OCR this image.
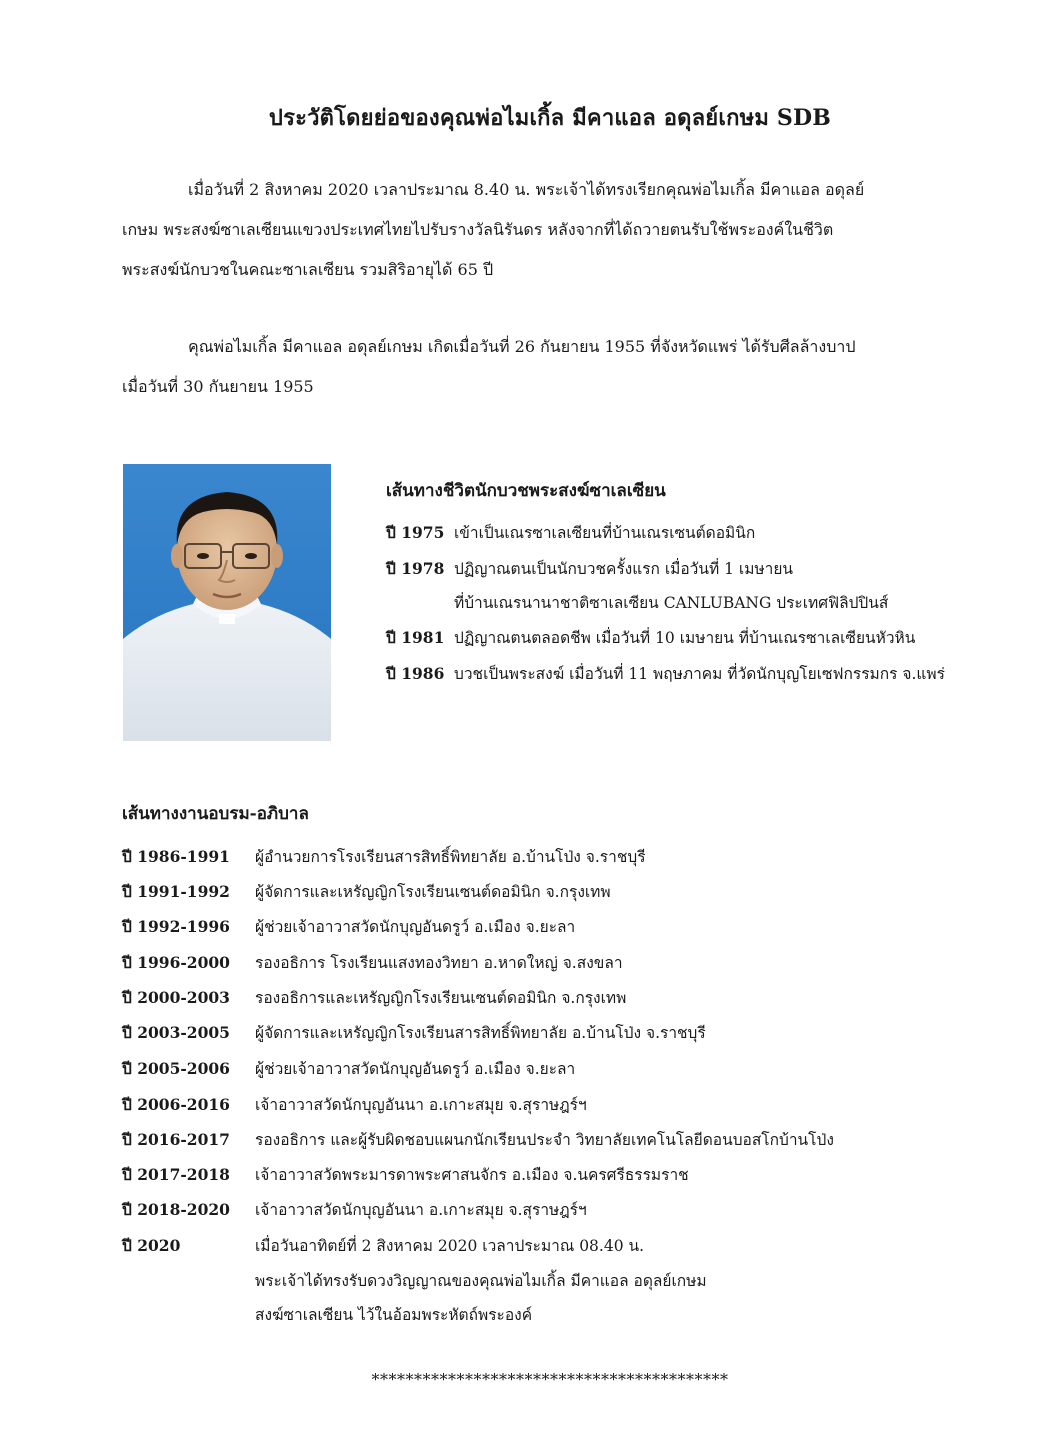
ประวัติโดยย่อของคุณพ่อไมเกิ้ล มีคาแอล อดุลย์เกษม SDB
เมื่อวันที่ 2 สิงหาคม 2020 เวลาประมาณ 8.40 น. พระเจ้าได้ทรงเรียกคุณพ่อไมเกิ้ล มีคาแอล อดุลย์
เกษม พระสงฆ์ซาเลเซียนแขวงประเทศไทยไปรับรางวัลนิรันดร หลังจากที่ได้ถวายตนรับใช้พระองค์ในชีวิต
พระสงฆ์นักบวชในคณะซาเลเซียน รวมสิริอายุได้ 65 ปี
คุณพ่อไมเกิ้ล มีคาแอล อดุลย์เกษม เกิดเมื่อวันที่ 26 กันยายน 1955 ที่จังหวัดแพร่ ได้รับศีลล้างบาป
เมื่อวันที่ 30 กันยายน 1955
เส้นทางชีวิตนักบวชพระสงฆ์ซาเลเซียน
ปี 1975 เข้าเป็นเณรซาเลเซียนที่บ้านเณรเซนต์ดอมินิก
ปี 1978 ปฏิญาณตนเป็นนักบวชครั้งแรก เมื่อวันที่ 1 เมษายน
ที่บ้านเณรนานาชาติซาเลเซียน CANLUBANG ประเทศฟิลิปปินส์
ปี 1981 ปฏิญาณตนตลอดชีพ เมื่อวันที่ 10 เมษายน ที่บ้านเณรซาเลเซียนหัวหิน
ปี 1986 บวชเป็นพระสงฆ์ เมื่อวันที่ 11 พฤษภาคม ที่วัดนักบุญโยเซฟกรรมกร จ.แพร่
เส้นทางงานอบรม-อภิบาล
ปี 1986-1991 ผู้อำนวยการโรงเรียนสารสิทธิ์พิทยาลัย อ.บ้านโป่ง จ.ราชบุรี
ปี 1991-1992 ผู้จัดการและเหรัญญิกโรงเรียนเซนต์ดอมินิก จ.กรุงเทพ
ปี 1992-1996 ผู้ช่วยเจ้าอาวาสวัดนักบุญอันดรูว์ อ.เมือง จ.ยะลา
ปี 1996-2000 รองอธิการ โรงเรียนแสงทองวิทยา อ.หาดใหญ่ จ.สงขลา
ปี 2000-2003 รองอธิการและเหรัญญิกโรงเรียนเซนต์ดอมินิก จ.กรุงเทพ
ปี 2003-2005 ผู้จัดการและเหรัญญิกโรงเรียนสารสิทธิ์พิทยาลัย อ.บ้านโป่ง จ.ราชบุรี
ปี 2005-2006 ผู้ช่วยเจ้าอาวาสวัดนักบุญอันดรูว์ อ.เมือง จ.ยะลา
ปี 2006-2016 เจ้าอาวาสวัดนักบุญอันนา อ.เกาะสมุย จ.สุราษฎร์ฯ
ปี 2016-2017 รองอธิการ และผู้รับผิดชอบแผนกนักเรียนประจำ วิทยาลัยเทคโนโลยีดอนบอสโกบ้านโป่ง
ปี 2017-2018 เจ้าอาวาสวัดพระมารดาพระศาสนจักร อ.เมือง จ.นครศรีธรรมราช
ปี 2018-2020 เจ้าอาวาสวัดนักบุญอันนา อ.เกาะสมุย จ.สุราษฎร์ฯ
ปี 2020	เมื่อวันอาทิตย์ที่ 2 สิงหาคม 2020 เวลาประมาณ 08.40 น.
พระเจ้าได้ทรงรับดวงวิญญาณของคุณพ่อไมเกิ้ล มีคาแอล อดุลย์เกษม
สงฆ์ซาเลเซียน ไว้ในอ้อมพระหัตถ์พระองค์
******************************************
